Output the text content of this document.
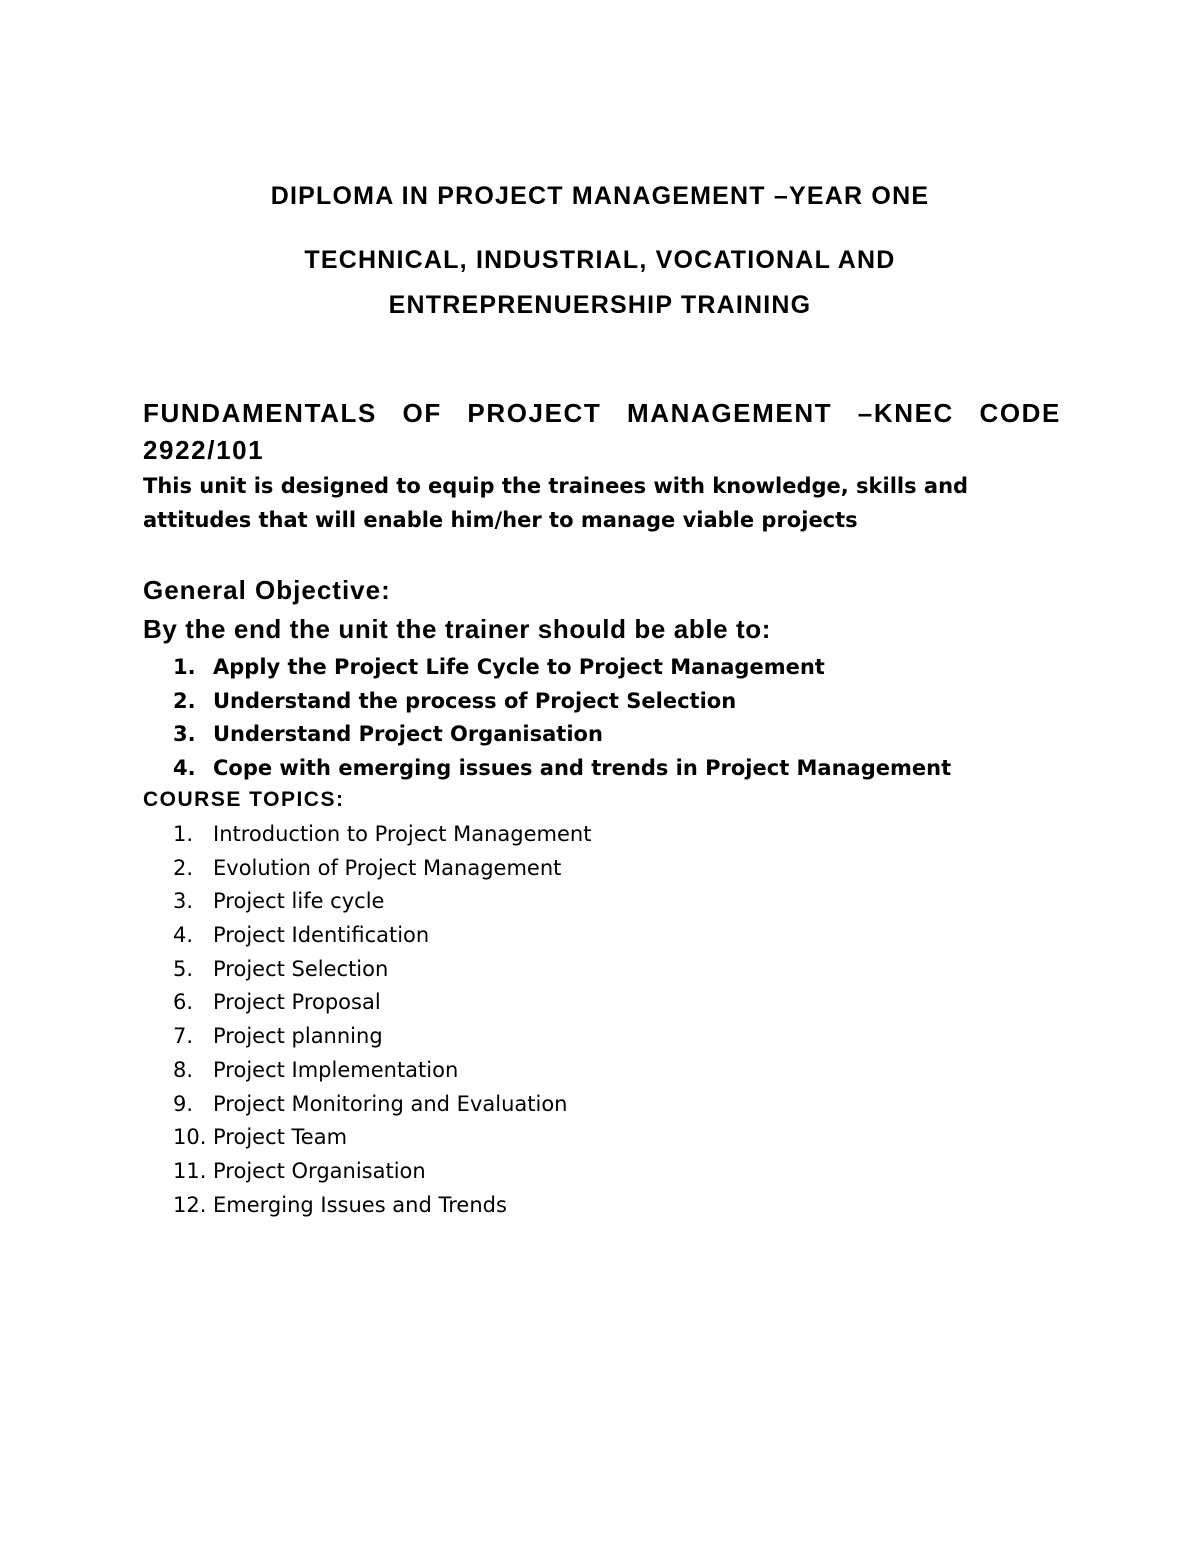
DIPLOMA IN PROJECT MANAGEMENT –YEAR ONE

TECHNICAL, INDUSTRIAL, VOCATIONAL AND

ENTREPRENUERSHIP TRAINING

FUNDAMENTALS OF PROJECT MANAGEMENT –KNEC CODE 2922/101

This unit is designed to equip the trainees with knowledge, skills and attitudes that will enable him/her to manage viable projects

General Objective:

By the end the unit the trainer should be able to:

1. Apply the Project Life Cycle to Project Management
2. Understand the process of Project Selection
3. Understand Project Organisation
4. Cope with emerging issues and trends in Project Management

COURSE TOPICS:

1. Introduction to Project Management
2. Evolution of Project Management
3. Project life cycle
4. Project Identification
5. Project Selection
6. Project Proposal
7. Project planning
8. Project Implementation
9. Project Monitoring and Evaluation
10. Project Team
11. Project Organisation
12. Emerging Issues and Trends
